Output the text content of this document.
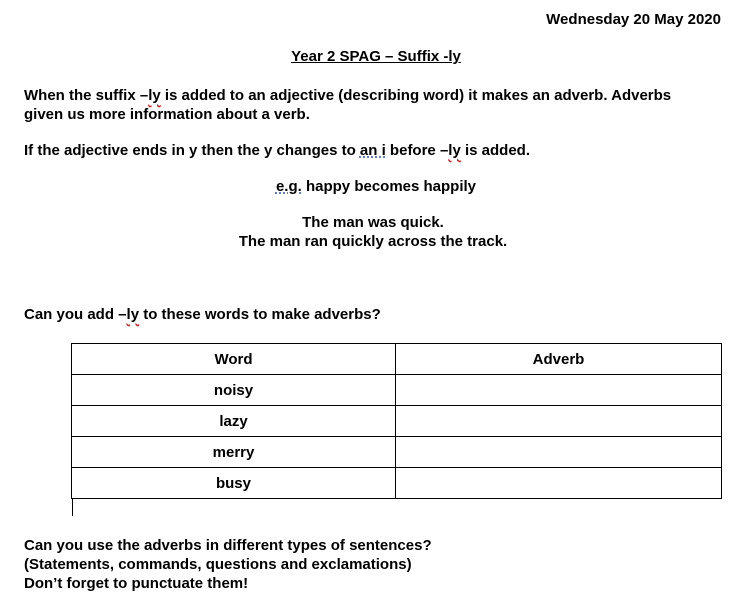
Wednesday 20 May 2020
Year 2 SPAG – Suffix -ly
When the suffix –ly is added to an adjective (describing word) it makes an adverb. Adverbs
given us more information about a verb.
If the adjective ends in y then the y changes to an i before –ly is added.
e.g. happy becomes happily
The man was quick.
The man ran quickly across the track.
Can you add –ly to these words to make adverbs?
Word	Adverb
noisy	
lazy	
merry	
busy	
Can you use the adverbs in different types of sentences?
(Statements, commands, questions and exclamations)
Don’t forget to punctuate them!
